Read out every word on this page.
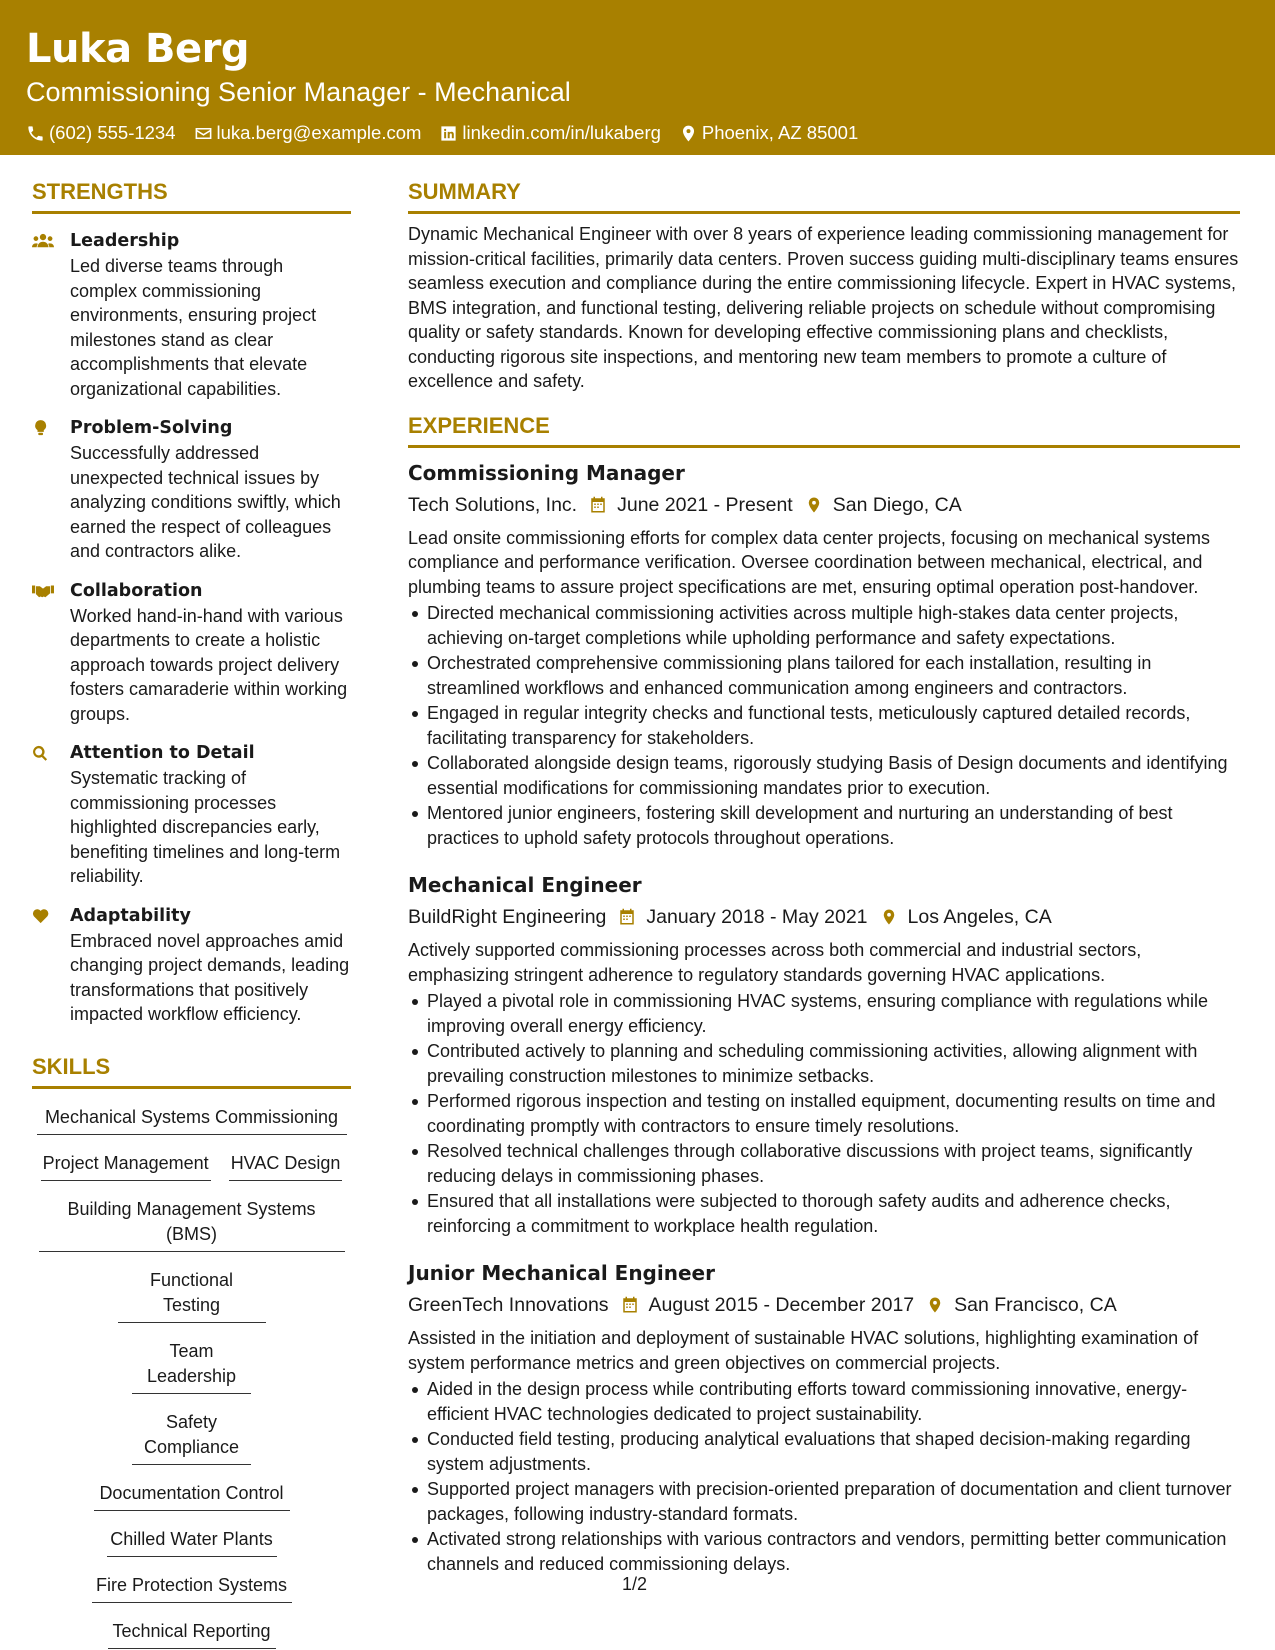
Luka Berg
Commissioning Senior Manager - Mechanical
(602) 555-1234 luka.berg@example.com linkedin.com/in/lukaberg Phoenix, AZ 85001
STRENGTHS
Leadership
Led diverse teams through complex commissioning environments, ensuring project milestones stand as clear accomplishments that elevate organizational capabilities.
Problem-Solving
Successfully addressed unexpected technical issues by analyzing conditions swiftly, which earned the respect of colleagues and contractors alike.
Collaboration
Worked hand-in-hand with various departments to create a holistic approach towards project delivery fosters camaraderie within working groups.
Attention to Detail
Systematic tracking of commissioning processes highlighted discrepancies early, benefiting timelines and long-term reliability.
Adaptability
Embraced novel approaches amid changing project demands, leading transformations that positively impacted workflow efficiency.
SKILLS
Mechanical Systems Commissioning
Project Management HVAC Design
Building Management Systems (BMS)
Functional Testing
Team Leadership
Safety Compliance
Documentation Control
Chilled Water Plants
Fire Protection Systems
Technical Reporting
SUMMARY
Dynamic Mechanical Engineer with over 8 years of experience leading commissioning management for mission-critical facilities, primarily data centers. Proven success guiding multi-disciplinary teams ensures seamless execution and compliance during the entire commissioning lifecycle. Expert in HVAC systems, BMS integration, and functional testing, delivering reliable projects on schedule without compromising quality or safety standards. Known for developing effective commissioning plans and checklists, conducting rigorous site inspections, and mentoring new team members to promote a culture of excellence and safety.
EXPERIENCE
Commissioning Manager
Tech Solutions, Inc. June 2021 - Present San Diego, CA
Lead onsite commissioning efforts for complex data center projects, focusing on mechanical systems compliance and performance verification. Oversee coordination between mechanical, electrical, and plumbing teams to assure project specifications are met, ensuring optimal operation post-handover.
Directed mechanical commissioning activities across multiple high-stakes data center projects, achieving on-target completions while upholding performance and safety expectations.
Orchestrated comprehensive commissioning plans tailored for each installation, resulting in streamlined workflows and enhanced communication among engineers and contractors.
Engaged in regular integrity checks and functional tests, meticulously captured detailed records, facilitating transparency for stakeholders.
Collaborated alongside design teams, rigorously studying Basis of Design documents and identifying essential modifications for commissioning mandates prior to execution.
Mentored junior engineers, fostering skill development and nurturing an understanding of best practices to uphold safety protocols throughout operations.
Mechanical Engineer
BuildRight Engineering January 2018 - May 2021 Los Angeles, CA
Actively supported commissioning processes across both commercial and industrial sectors, emphasizing stringent adherence to regulatory standards governing HVAC applications.
Played a pivotal role in commissioning HVAC systems, ensuring compliance with regulations while improving overall energy efficiency.
Contributed actively to planning and scheduling commissioning activities, allowing alignment with prevailing construction milestones to minimize setbacks.
Performed rigorous inspection and testing on installed equipment, documenting results on time and coordinating promptly with contractors to ensure timely resolutions.
Resolved technical challenges through collaborative discussions with project teams, significantly reducing delays in commissioning phases.
Ensured that all installations were subjected to thorough safety audits and adherence checks, reinforcing a commitment to workplace health regulation.
Junior Mechanical Engineer
GreenTech Innovations August 2015 - December 2017 San Francisco, CA
Assisted in the initiation and deployment of sustainable HVAC solutions, highlighting examination of system performance metrics and green objectives on commercial projects.
Aided in the design process while contributing efforts toward commissioning innovative, energy-efficient HVAC technologies dedicated to project sustainability.
Conducted field testing, producing analytical evaluations that shaped decision-making regarding system adjustments.
Supported project managers with precision-oriented preparation of documentation and client turnover packages, following industry-standard formats.
Activated strong relationships with various contractors and vendors, permitting better communication channels and reduced commissioning delays.
1/2
